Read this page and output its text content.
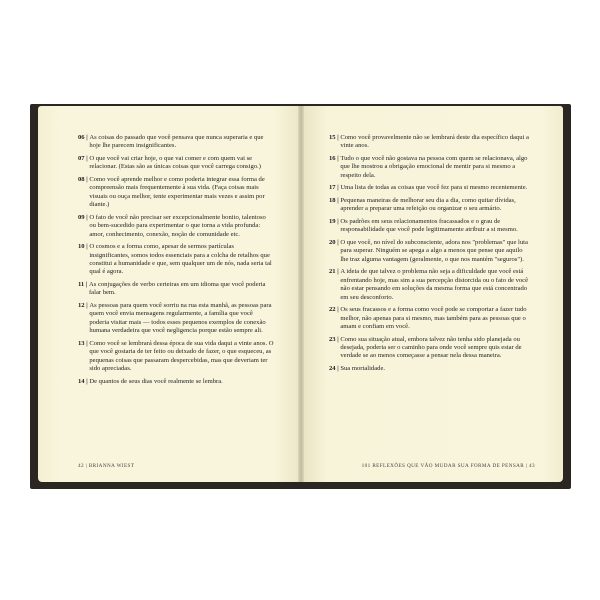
06 | As coisas do passado que você pensava que nunca superaria e que hoje lhe parecem insignificantes.
07 | O que você vai criar hoje, o que vai comer e com quem vai se relacionar. (Estas são as únicas coisas que você carrega consigo.)
08 | Como você aprende melhor e como poderia integrar essa forma de compreensão mais frequentemente à sua vida. (Faça coisas mais visuais ou ouça melhor, tente experimentar mais vezes e assim por diante.)
09 | O fato de você não precisar ser excepcionalmente bonito, talentoso ou bem-sucedido para experimentar o que torna a vida profunda: amor, conhecimento, conexão, noção de comunidade etc.
10 | O cosmos e a forma como, apesar de sermos partículas insignificantes, somos todos essenciais para a colcha de retalhos que constitui a humanidade e que, sem qualquer um de nós, nada seria tal qual é agora.
11 | As conjugações de verbo certeiras em um idioma que você poderia falar bem.
12 | As pessoas para quem você sorriu na rua esta manhã, as pessoas para quem você envia mensagens regularmente, a família que você poderia visitar mais — todos esses pequenos exemplos de conexão humana verdadeira que você negligencia porque estão sempre ali.
13 | Como você se lembrará dessa época de sua vida daqui a vinte anos. O que você gostaria de ter feito ou deixado de fazer, o que esqueceu, as pequenas coisas que passaram despercebidas, mas que deveriam ter sido apreciadas.
14 | De quantos de seus dias você realmente se lembra.
42 | BRIANNA WIEST
15 | Como você provavelmente não se lembrará deste dia específico daqui a vinte anos.
16 | Tudo o que você não gostava na pessoa com quem se relacionava, algo que lhe mostrou a obrigação emocional de mentir para si mesmo a respeito dela.
17 | Uma lista de todas as coisas que você fez para si mesmo recentemente.
18 | Pequenas maneiras de melhorar seu dia a dia, como quitar dívidas, aprender a preparar uma refeição ou organizar o seu armário.
19 | Os padrões em seus relacionamentos fracassados e o grau de responsabilidade que você pode legitimamente atribuir a si mesmo.
20 | O que você, no nível do subconsciente, adora nos "problemas" que luta para superar. Ninguém se apega a algo a menos que pense que aquilo lhe traz alguma vantagem (geralmente, o que nos mantém "seguros").
21 | A ideia de que talvez o problema não seja a dificuldade que você está enfrentando hoje, mas sim a sua percepção distorcida ou o fato de você não estar pensando em soluções da mesma forma que está concentrado em seu desconforto.
22 | Os seus fracassos e a forma como você pode se comportar a fazer tudo melhor, não apenas para si mesmo, mas também para as pessoas que o amam e confiam em você.
23 | Como sua situação atual, embora talvez não tenha sido planejada ou desejada, poderia ser o caminho para onde você sempre quis estar de verdade se ao menos começasse a pensar nela dessa maneira.
24 | Sua mortalidade.
101 REFLEXÕES QUE VÃO MUDAR SUA FORMA DE PENSAR | 43
